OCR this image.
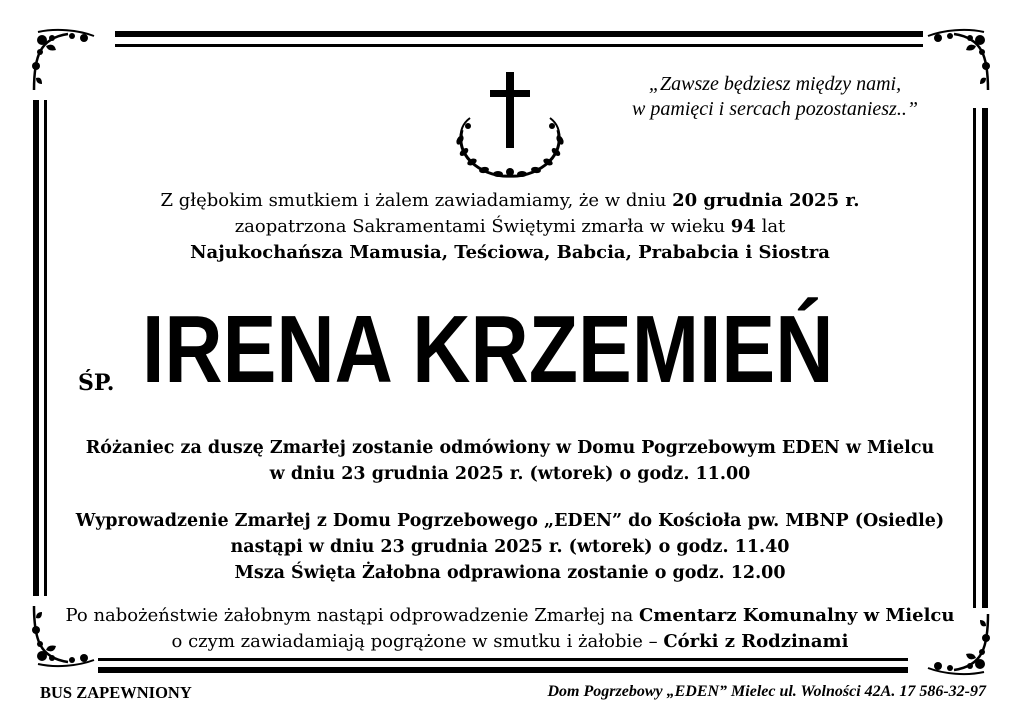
„Zawsze będziesz między nami,
w pamięci i sercach pozostaniesz..”
Z głębokim smutkiem i żalem zawiadamiamy, że w dniu 20 grudnia 2025 r.
zaopatrzona Sakramentami Świętymi zmarła w wieku 94 lat
Najukochańsza Mamusia, Teściowa, Babcia, Prababcia i Siostra
ŚP. IRENA KRZEMIEŃ
Różaniec za duszę Zmarłej zostanie odmówiony w Domu Pogrzebowym EDEN w Mielcu
w dniu 23 grudnia 2025 r. (wtorek) o godz. 11.00
Wyprowadzenie Zmarłej z Domu Pogrzebowego „EDEN” do Kościoła pw. MBNP (Osiedle)
nastąpi w dniu 23 grudnia 2025 r. (wtorek) o godz. 11.40
Msza Święta Żałobna odprawiona zostanie o godz. 12.00
Po nabożeństwie żałobnym nastąpi odprowadzenie Zmarłej na Cmentarz Komunalny w Mielcu
o czym zawiadamiają pogrążone w smutku i żałobie – Córki z Rodzinami
BUS ZAPEWNIONY	Dom Pogrzebowy „EDEN” Mielec ul. Wolności 42A. 17 586-32-97
